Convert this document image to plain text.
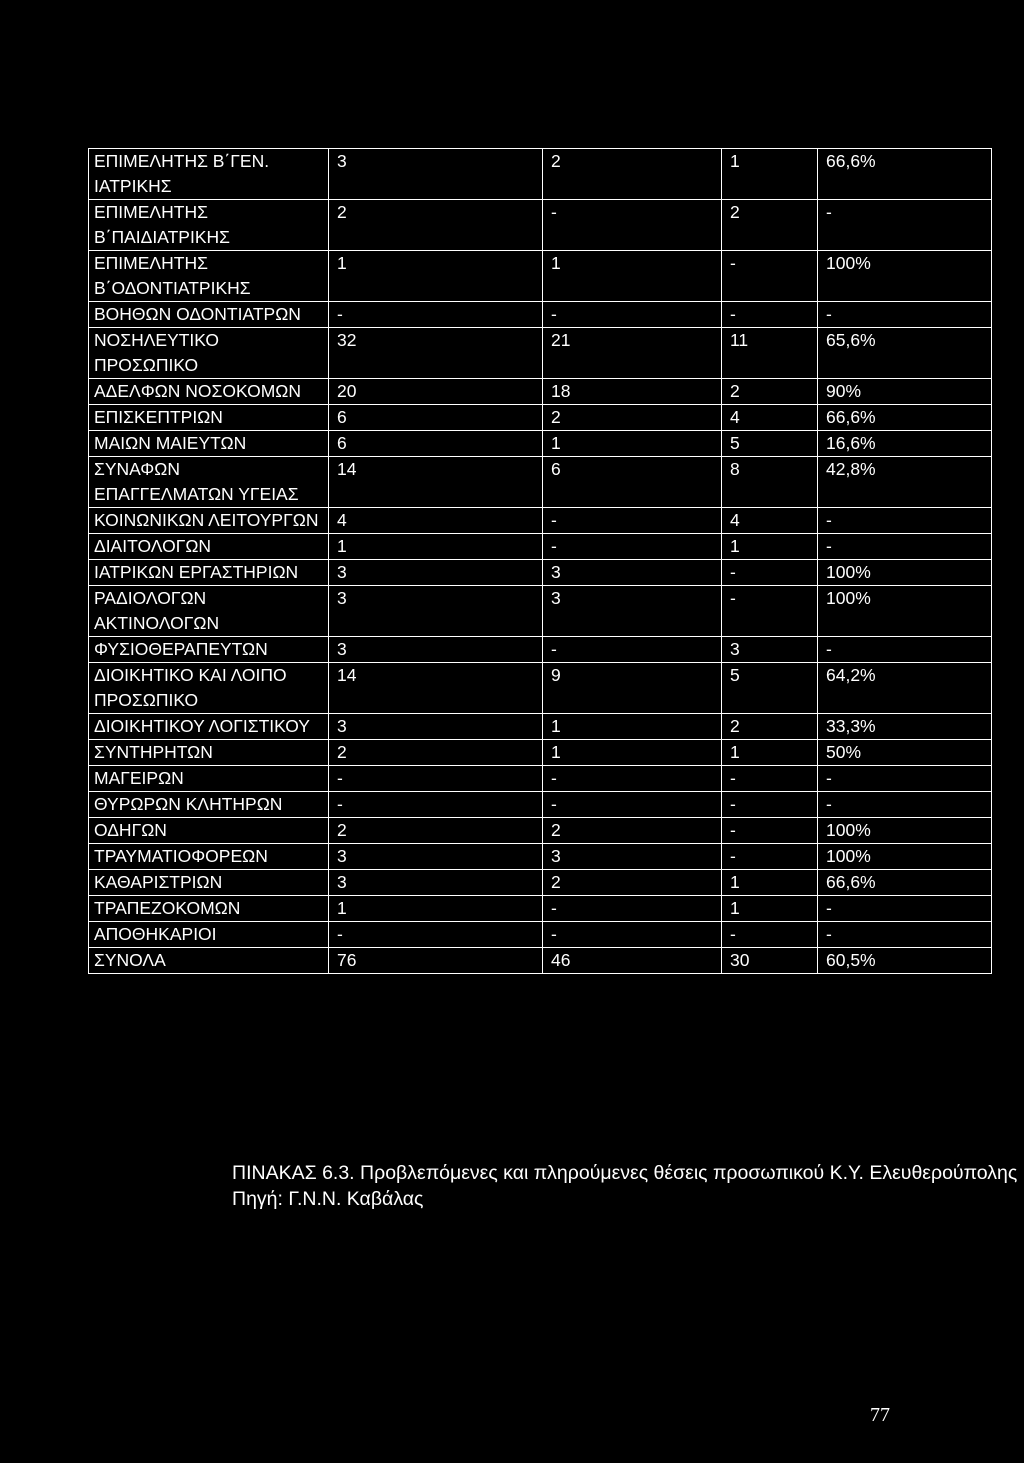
ΕΠΙΜΕΛΗΤΗΣ Β΄ΓΕΝ. ΙΑΤΡΙΚΗΣ	3	2	1	66,6%
ΕΠΙΜΕΛΗΤΗΣ Β΄ΠΑΙΔΙΑΤΡΙΚΗΣ	2	-	2	-
ΕΠΙΜΕΛΗΤΗΣ Β΄ΟΔΟΝΤΙΑΤΡΙΚΗΣ	1	1	-	100%
ΒΟΗΘΩΝ ΟΔΟΝΤΙΑΤΡΩΝ	-	-	-	-
ΝΟΣΗΛΕΥΤΙΚΟ ΠΡΟΣΩΠΙΚΟ	32	21	11	65,6%
ΑΔΕΛΦΩΝ ΝΟΣΟΚΟΜΩΝ	20	18	2	90%
ΕΠΙΣΚΕΠΤΡΙΩΝ	6	2	4	66,6%
ΜΑΙΩΝ ΜΑΙΕΥΤΩΝ	6	1	5	16,6%
ΣΥΝΑΦΩΝ ΕΠΑΓΓΕΛΜΑΤΩΝ ΥΓΕΙΑΣ	14	6	8	42,8%
ΚΟΙΝΩΝΙΚΩΝ ΛΕΙΤΟΥΡΓΩΝ	4	-	4	-
ΔΙΑΙΤΟΛΟΓΩΝ	1	-	1	-
ΙΑΤΡΙΚΩΝ ΕΡΓΑΣΤΗΡΙΩΝ	3	3	-	100%
ΡΑΔΙΟΛΟΓΩΝ ΑΚΤΙΝΟΛΟΓΩΝ	3	3	-	100%
ΦΥΣΙΟΘΕΡΑΠΕΥΤΩΝ	3	-	3	-
ΔΙΟΙΚΗΤΙΚΟ ΚΑΙ ΛΟΙΠΟ ΠΡΟΣΩΠΙΚΟ	14	9	5	64,2%
ΔΙΟΙΚΗΤΙΚΟΥ ΛΟΓΙΣΤΙΚΟΥ	3	1	2	33,3%
ΣΥΝΤΗΡΗΤΩΝ	2	1	1	50%
ΜΑΓΕΙΡΩΝ	-	-	-	-
ΘΥΡΩΡΩΝ ΚΛΗΤΗΡΩΝ	-	-	-	-
ΟΔΗΓΩΝ	2	2	-	100%
ΤΡΑΥΜΑΤΙΟΦΟΡΕΩΝ	3	3	-	100%
ΚΑΘΑΡΙΣΤΡΙΩΝ	3	2	1	66,6%
ΤΡΑΠΕΖΟΚΟΜΩΝ	1	-	1	-
ΑΠΟΘΗΚΑΡΙΟΙ	-	-	-	-
ΣΥΝΟΛΑ	76	46	30	60,5%
ΠΙΝΑΚΑΣ 6.3. Προβλεπόμενες και πληρούμενες θέσεις προσωπικού Κ.Υ. Ελευθερούπολης
Πηγή: Γ.Ν.Ν. Καβάλας
77
